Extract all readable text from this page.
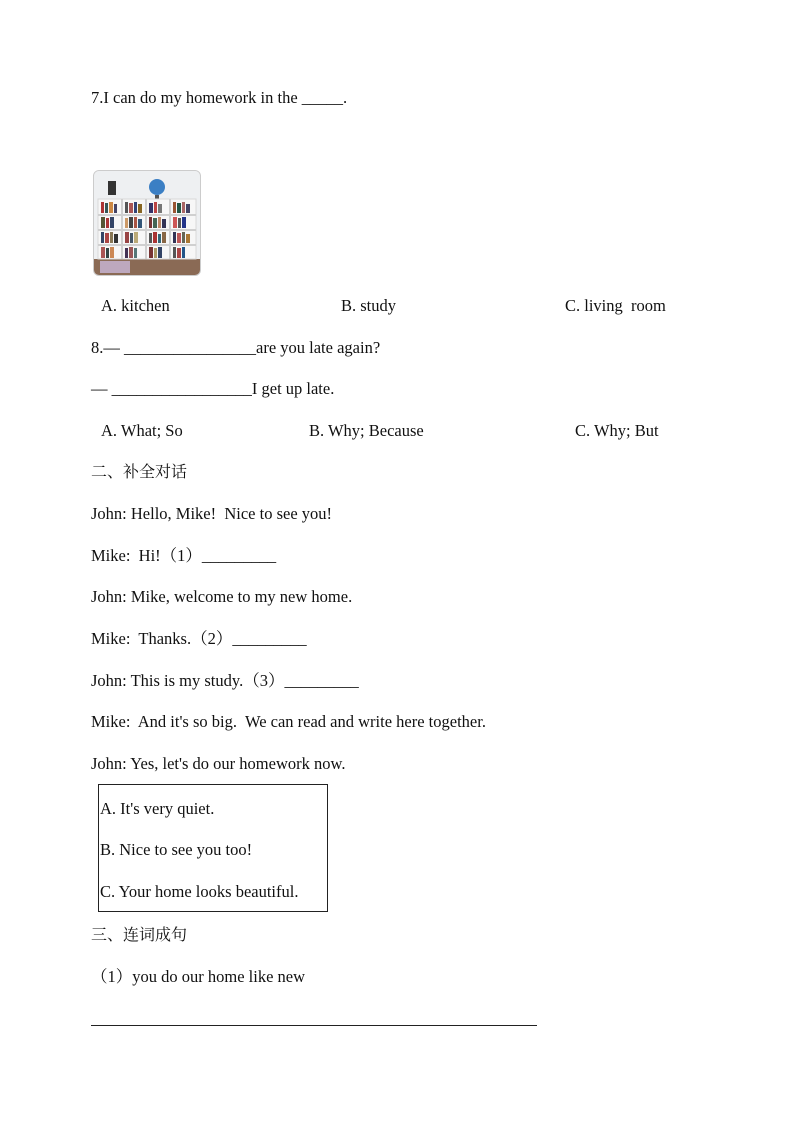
7.I can do my homework in the _____.
A. kitchen	B. study	C. living  room
8.— ________________are you late again?
— _________________I get up late.
A. What; So	B. Why; Because	C. Why; But
二、补全对话
John: Hello, Mike!  Nice to see you!
Mike:  Hi!（1）_________
John: Mike, welcome to my new home.
Mike:  Thanks.（2）_________
John: This is my study.（3）_________
Mike:  And it's so big.  We can read and write here together.
John: Yes, let's do our homework now.
A. It's very quiet.
B. Nice to see you too!
C. Your home looks beautiful.
三、连词成句
（1）you do our home like new
